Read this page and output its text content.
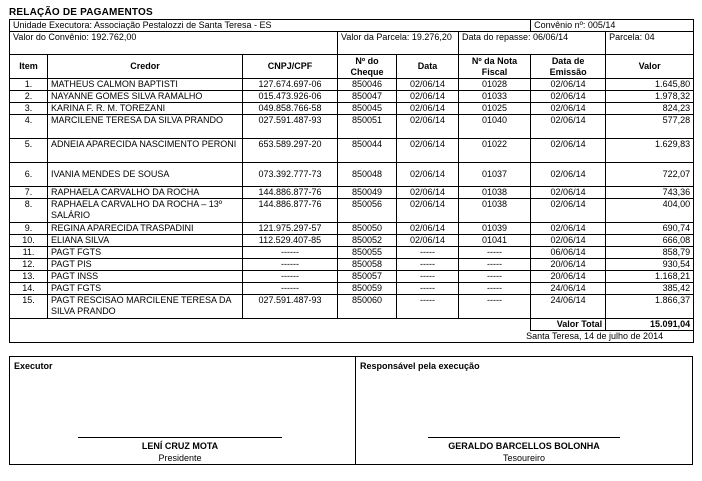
RELAÇÃO DE PAGAMENTOS
Unidade Executora: Associação Pestalozzi de Santa Teresa - ES						Convênio nº: 005/14	
Valor do Convênio: 192.762,00			Valor da Parcela: 19.276,20		Data do repasse: 06/06/14		Parcela: 04
Item	Credor	CNPJ/CPF	Nº do Cheque	Data	Nº da Nota Fiscal	Data de Emissão	Valor
1.	MATHEUS CALMON BAPTISTI	127.674.697-06	850046	02/06/14	01028	02/06/14	1.645,80
2.	NAYANNE GOMES SILVA RAMALHO	015.473.926-06	850047	02/06/14	01033	02/06/14	1.978,32
3.	KARINA F. R. M. TOREZANI	049.858.766-58	850045	02/06/14	01025	02/06/14	824,23
4.	MARCILENE TERESA DA SILVA PRANDO	027.591.487-93	850051	02/06/14	01040	02/06/14	577,28
5.	ADNEIA APARECIDA NASCIMENTO PERONI	653.589.297-20	850044	02/06/14	01022	02/06/14	1.629,83
6.	IVANIA MENDES DE SOUSA	073.392.777-73	850048	02/06/14	01037	02/06/14	722,07
7.	RAPHAELA CARVALHO DA ROCHA	144.886.877-76	850049	02/06/14	01038	02/06/14	743,36
8.	RAPHAELA CARVALHO DA ROCHA – 13º SALÁRIO	144.886.877-76	850056	02/06/14	01038	02/06/14	404,00
9.	REGINA APARECIDA TRASPADINI	121.975.297-57	850050	02/06/14	01039	02/06/14	690,74
10.	ELIANA SILVA	112.529.407-85	850052	02/06/14	01041	02/06/14	666,08
11.	PAGT FGTS	------	850055	-----	-----	06/06/14	858,79
12.	PAGT PIS	------	850058	-----	-----	20/06/14	930,54
13.	PAGT INSS	------	850057	-----	-----	20/06/14	1.168,21
14.	PAGT FGTS	------	850059	-----	-----	24/06/14	385,42
15.	PAGT RESCISAO MARCILENE TERESA DA SILVA PRANDO	027.591.487-93	850060	-----	-----	24/06/14	1.866,37
						Valor Total	15.091,04
Santa Teresa, 14 de julho de 2014							
Executor	Responsável pela execução
LENÍ CRUZ MOTA
Presidente
GERALDO BARCELLOS BOLONHA
Tesoureiro
